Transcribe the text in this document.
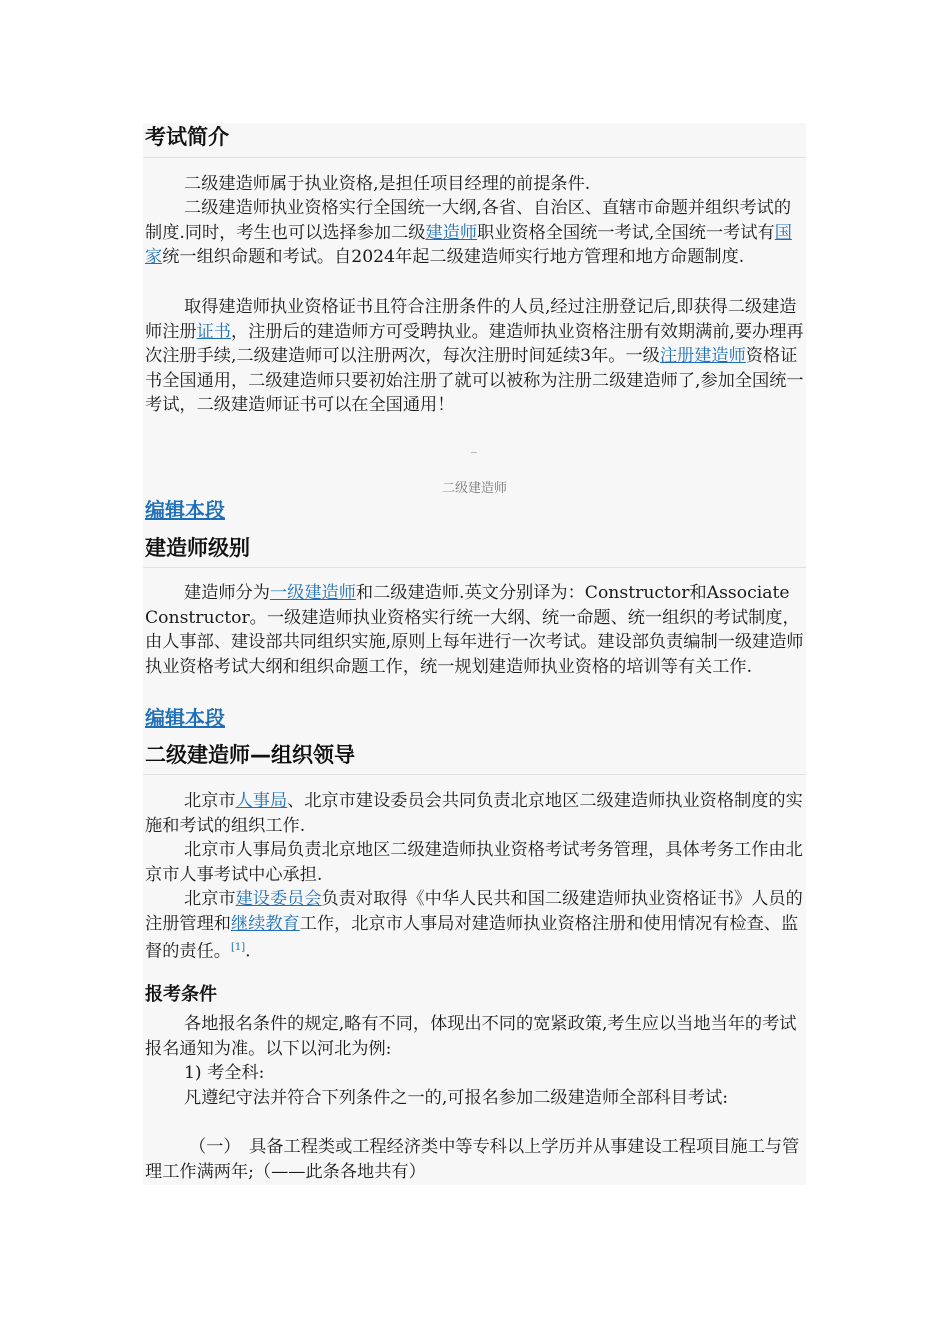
考试简介

二级建造师属于执业资格,是担任项目经理的前提条件.

二级建造师执业资格实行全国统一大纲,各省、自治区、直辖市命题并组织考试的制度.同时，考生也可以选择参加二级建造师职业资格全国统一考试,全国统一考试有国家统一组织命题和考试。自2024年起二级建造师实行地方管理和地方命题制度.

取得建造师执业资格证书且符合注册条件的人员,经过注册登记后,即获得二级建造师注册证书，注册后的建造师方可受聘执业。建造师执业资格注册有效期满前,要办理再次注册手续,二级建造师可以注册两次，每次注册时间延续3年。一级注册建造师资格证书全国通用，二级建造师只要初始注册了就可以被称为注册二级建造师了,参加全国统一考试，二级建造师证书可以在全国通用！

二级建造师
编辑本段
建造师级别

建造师分为一级建造师和二级建造师.英文分别译为：Constructor和Associate Constructor。一级建造师执业资格实行统一大纲、统一命题、统一组织的考试制度，由人事部、建设部共同组织实施,原则上每年进行一次考试。建设部负责编制一级建造师执业资格考试大纲和组织命题工作，统一规划建造师执业资格的培训等有关工作.

编辑本段
二级建造师—组织领导

北京市人事局、北京市建设委员会共同负责北京地区二级建造师执业资格制度的实施和考试的组织工作.

北京市人事局负责北京地区二级建造师执业资格考试考务管理，具体考务工作由北京市人事考试中心承担.

北京市建设委员会负责对取得《中华人民共和国二级建造师执业资格证书》人员的注册管理和继续教育工作，北京市人事局对建造师执业资格注册和使用情况有检查、监督的责任。[1].

报考条件

各地报名条件的规定,略有不同，体现出不同的宽紧政策,考生应以当地当年的考试报名通知为准。以下以河北为例:

1) 考全科:

凡遵纪守法并符合下列条件之一的,可报名参加二级建造师全部科目考试:

（一）　具备工程类或工程经济类中等专科以上学历并从事建设工程项目施工与管理工作满两年;（——此条各地共有）
